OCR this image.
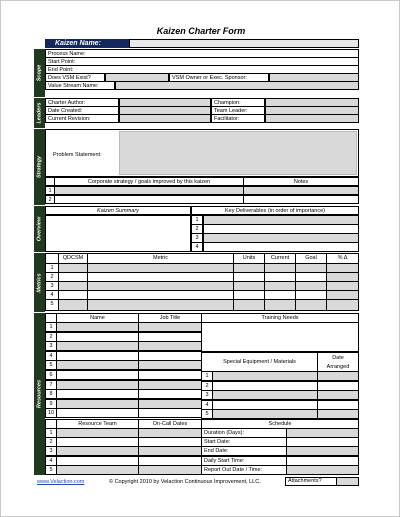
Kaizen Charter Form
Kaizen Name:
Scope
Process Name:
Start Point:
End Point:
Does VSM Exist?	VSM Owner or Exec. Sponsor:
Value Stream Name:
Leaders	Charter Author:	Champion:
Date Created:	Team Leader:
Current Revision:	Facilitator:
Strategy
Problem Statement:
Corporate strategy / goals improved by this kaizen	Notes
1
2
Overview
Kaizen Summary	Key Deliverables (in order of importance)
1
2
3
4
Metrics
QDCSM	Metric	Units	Current	Goal	% Δ
1
2
3
4
5
Resources
Name	Job Title
1
2
3
4
5
6
7
8
9
10
Training Needs
Special Equipment / Materials
Date Arranged
1
2
3
4
5
Resource Team	On-Call Dates	Schedule
1	Duration (Days):
2	Start Date:
3	End Date:
4	Daily Start Time:
5	Report Out Date / Time:
www.Velaction.com	© Copyright 2010 by Velaction Continuous Improvement, LLC.	Attachments?
